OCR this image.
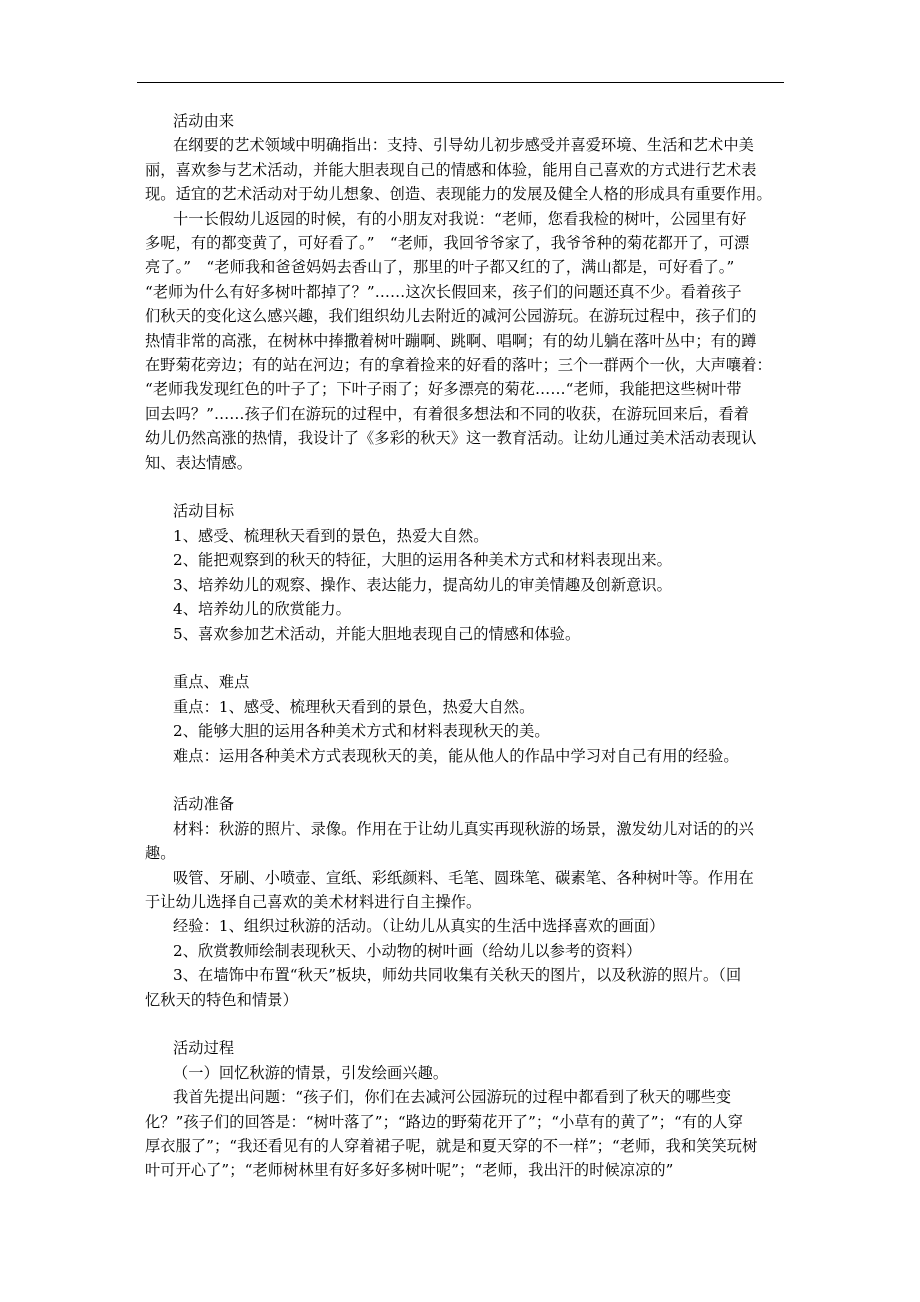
活动由来

在纲要的艺术领域中明确指出：支持、引导幼儿初步感受并喜爱环境、生活和艺术中美

丽，喜欢参与艺术活动，并能大胆表现自己的情感和体验，能用自己喜欢的方式进行艺术表

现。适宜的艺术活动对于幼儿想象、创造、表现能力的发展及健全人格的形成具有重要作用。

十一长假幼儿返园的时候，有的小朋友对我说：“老师，您看我检的树叶，公园里有好

多呢，有的都变黄了，可好看了。”　“老师，我回爷爷家了，我爷爷种的菊花都开了，可漂

亮了。”　“老师我和爸爸妈妈去香山了，那里的叶子都又红的了，满山都是，可好看了。”

“老师为什么有好多树叶都掉了？”……这次长假回来，孩子们的问题还真不少。看着孩子

们秋天的变化这么感兴趣，我们组织幼儿去附近的减河公园游玩。在游玩过程中，孩子们的

热情非常的高涨，在树林中捧撒着树叶蹦啊、跳啊、唱啊；有的幼儿躺在落叶丛中；有的蹲

在野菊花旁边；有的站在河边；有的拿着捡来的好看的落叶；三个一群两个一伙，大声嚷着：

“老师我发现红色的叶子了；下叶子雨了；好多漂亮的菊花……“老师，我能把这些树叶带

回去吗？”……孩子们在游玩的过程中，有着很多想法和不同的收获，在游玩回来后，看着

幼儿仍然高涨的热情，我设计了《多彩的秋天》这一教育活动。让幼儿通过美术活动表现认

知、表达情感。

活动目标

1、感受、梳理秋天看到的景色，热爱大自然。

2、能把观察到的秋天的特征，大胆的运用各种美术方式和材料表现出来。

3、培养幼儿的观察、操作、表达能力，提高幼儿的审美情趣及创新意识。

4、培养幼儿的欣赏能力。

5、喜欢参加艺术活动，并能大胆地表现自己的情感和体验。

重点、难点

重点：1、感受、梳理秋天看到的景色，热爱大自然。

2、能够大胆的运用各种美术方式和材料表现秋天的美。

难点：运用各种美术方式表现秋天的美，能从他人的作品中学习对自己有用的经验。

活动准备

材料：秋游的照片、录像。作用在于让幼儿真实再现秋游的场景，激发幼儿对话的的兴

趣。

吸管、牙刷、小喷壶、宣纸、彩纸颜料、毛笔、圆珠笔、碳素笔、各种树叶等。作用在

于让幼儿选择自己喜欢的美术材料进行自主操作。

经验：1、组织过秋游的活动。（让幼儿从真实的生活中选择喜欢的画面）

2、欣赏教师绘制表现秋天、小动物的树叶画（给幼儿以参考的资料）

3、在墙饰中布置“秋天”板块，师幼共同收集有关秋天的图片，以及秋游的照片。（回

忆秋天的特色和情景）

活动过程

（一）回忆秋游的情景，引发绘画兴趣。

我首先提出问题：“孩子们，你们在去减河公园游玩的过程中都看到了秋天的哪些变

化？”孩子们的回答是：“树叶落了”；“路边的野菊花开了”；“小草有的黄了”；“有的人穿

厚衣服了”；“我还看见有的人穿着裙子呢，就是和夏天穿的不一样”；“老师，我和笑笑玩树

叶可开心了”；“老师树林里有好多好多树叶呢”；“老师，我出汗的时候凉凉的”
